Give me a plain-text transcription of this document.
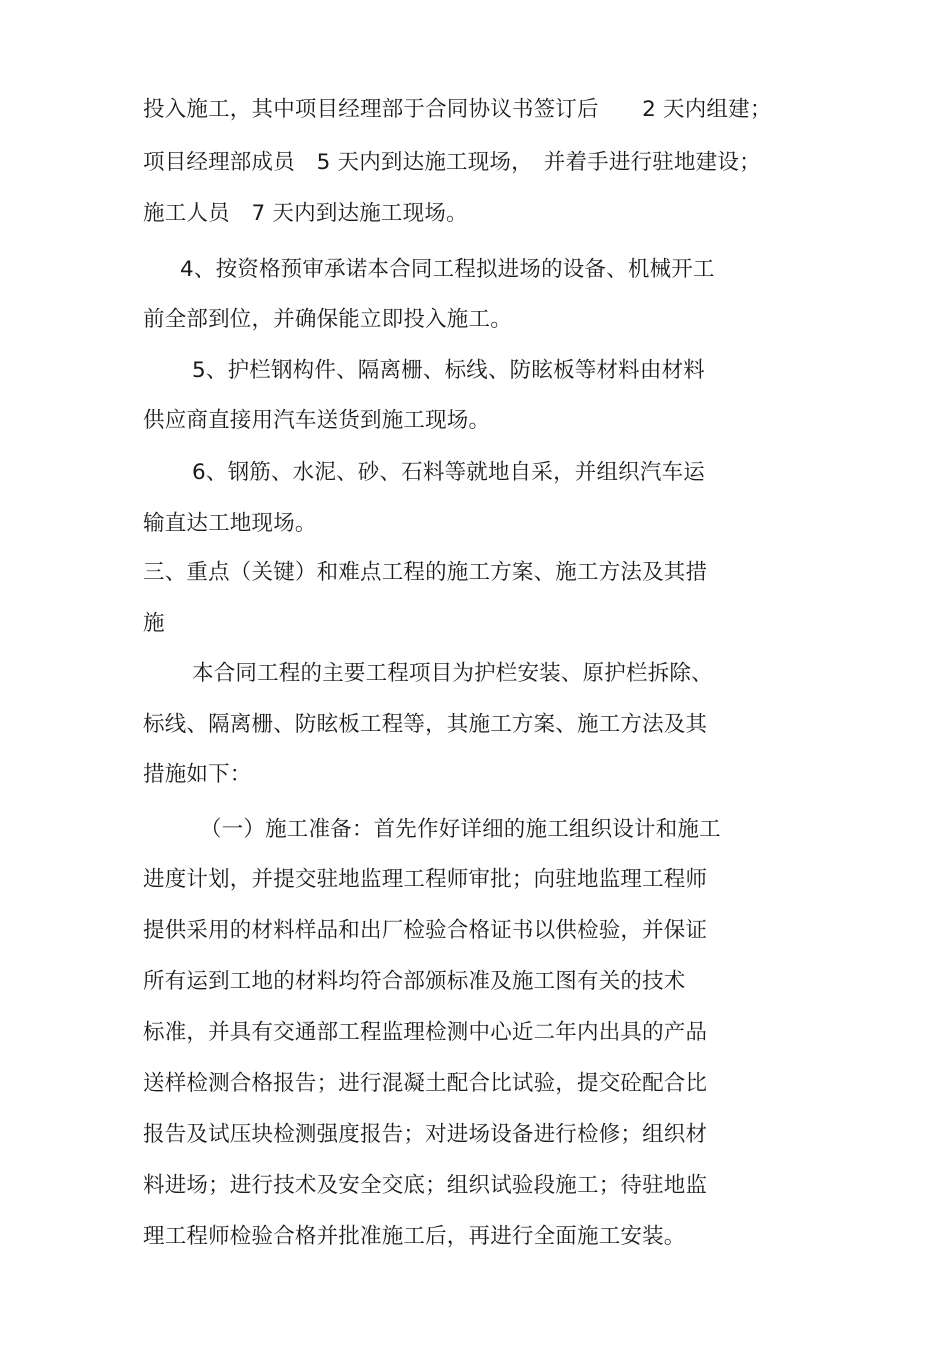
投入施工，其中项目经理部于合同协议书签订后　　2 天内组建；
项目经理部成员　5 天内到达施工现场，　并着手进行驻地建设；
施工人员　7 天内到达施工现场。
4、按资格预审承诺本合同工程拟进场的设备、机械开工
前全部到位，并确保能立即投入施工。
5、护栏钢构件、隔离栅、标线、防眩板等材料由材料
供应商直接用汽车送货到施工现场。
6、钢筋、水泥、砂、石料等就地自采，并组织汽车运
输直达工地现场。
三、重点（关键）和难点工程的施工方案、施工方法及其措
施
本合同工程的主要工程项目为护栏安装、原护栏拆除、
标线、隔离栅、防眩板工程等，其施工方案、施工方法及其
措施如下：
（一）施工准备：首先作好详细的施工组织设计和施工
进度计划，并提交驻地监理工程师审批；向驻地监理工程师
提供采用的材料样品和出厂检验合格证书以供检验，并保证
所有运到工地的材料均符合部颁标准及施工图有关的技术
标准，并具有交通部工程监理检测中心近二年内出具的产品
送样检测合格报告；进行混凝土配合比试验，提交砼配合比
报告及试压块检测强度报告；对进场设备进行检修；组织材
料进场；进行技术及安全交底；组织试验段施工；待驻地监
理工程师检验合格并批准施工后，再进行全面施工安装。
